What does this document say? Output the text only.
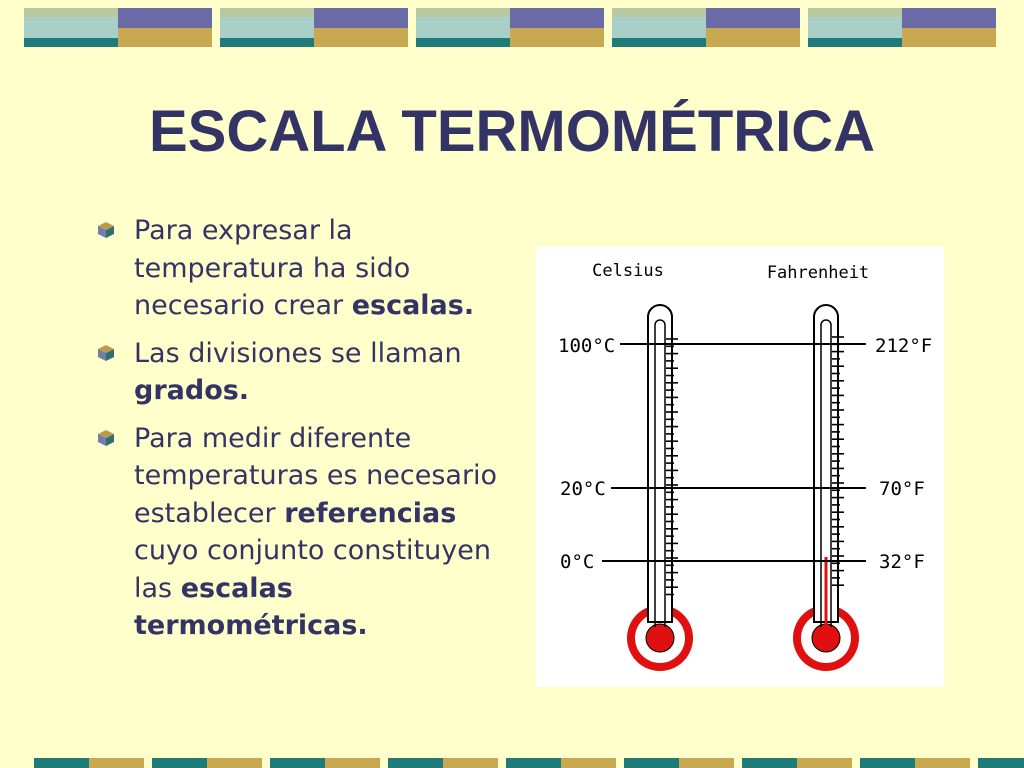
ESCALA TERMOMÉTRICA
Para expresar la temperatura ha sido necesario crear escalas.
Las divisiones se llaman grados.
Para medir diferente temperaturas es necesario establecer referencias cuyo conjunto constituyen las escalas termométricas.
Celsius	Fahrenheit
100°C
20°C
0°C
212°F
70°F
32°F
